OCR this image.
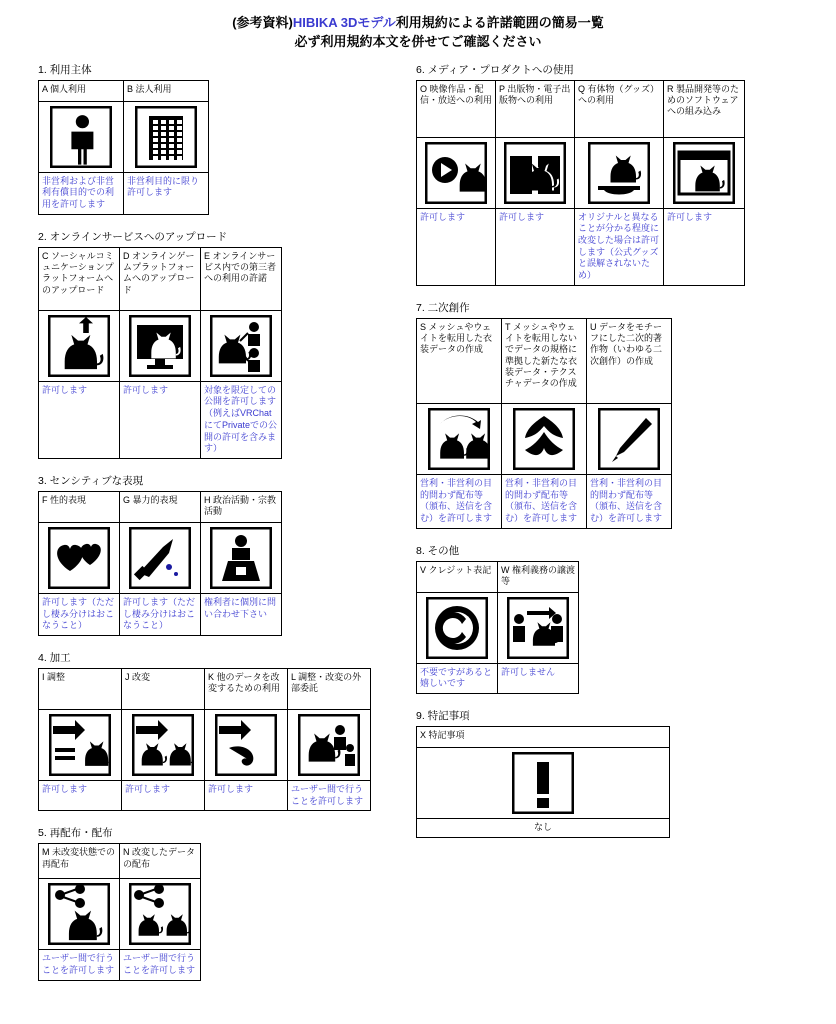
(参考資料)HIBIKA 3Dモデル利用規約による許諾範囲の簡易一覧
必ず利用規約本文を併せてご確認ください
1. 利用主体
A 個人利用	B 法人利用

非営利および非営利有償目的での利用を許可します	非営利目的に限り許可します
2. オンラインサービスへのアップロード
C ソーシャルコミュニケーションプラットフォームへのアップロード	D オンラインゲームプラットフォームへのアップロード	E オンラインサービス内での第三者への利用の許諾

許可します	許可します	対象を限定しての公開を許可します（例えばVRChatにてPrivateでの公開の許可を含みます）
3. センシティブな表現
F 性的表現	G 暴力的表現	H 政治活動・宗教活動

許可します（ただし棲み分けはおこなうこと）	許可します（ただし棲み分けはおこなうこと）	権利者に個別に問い合わせ下さい
4. 加工
I 調整	J 改変	K 他のデータを改変するための利用	L 調整・改変の外部委託

許可します	許可します	許可します	ユーザー間で行うことを許可します
5. 再配布・配布
M 未改変状態での再配布	N 改変したデータの配布

ユーザー間で行うことを許可します	ユーザー間で行うことを許可します
6. メディア・プロダクトへの使用
O 映像作品・配信・放送への利用	P 出版物・電子出版物への利用	Q 有体物（グッズ）への利用	R 製品開発等のためのソフトウェアへの組み込み

許可します	許可します	オリジナルと異なることが分かる程度に改変した場合は許可します（公式グッズと誤解されないため）	許可します
7. 二次創作
S メッシュやウェイトを転用した衣装データの作成	T メッシュやウェイトを転用しないでデータの規格に準拠した新たな衣装データ・テクスチャデータの作成	U データをモチーフにした二次的著作物（いわゆる二次創作）の作成

営利・非営利の目的問わず配布等（頒布、送信を含む）を許可します	営利・非営利の目的問わず配布等（頒布、送信を含む）を許可します	営利・非営利の目的問わず配布等（頒布、送信を含む）を許可します
8. その他
V クレジット表記	W 権利義務の譲渡等

不要ですがあると嬉しいです	許可しません
9. 特記事項
X 特記事項

なし
